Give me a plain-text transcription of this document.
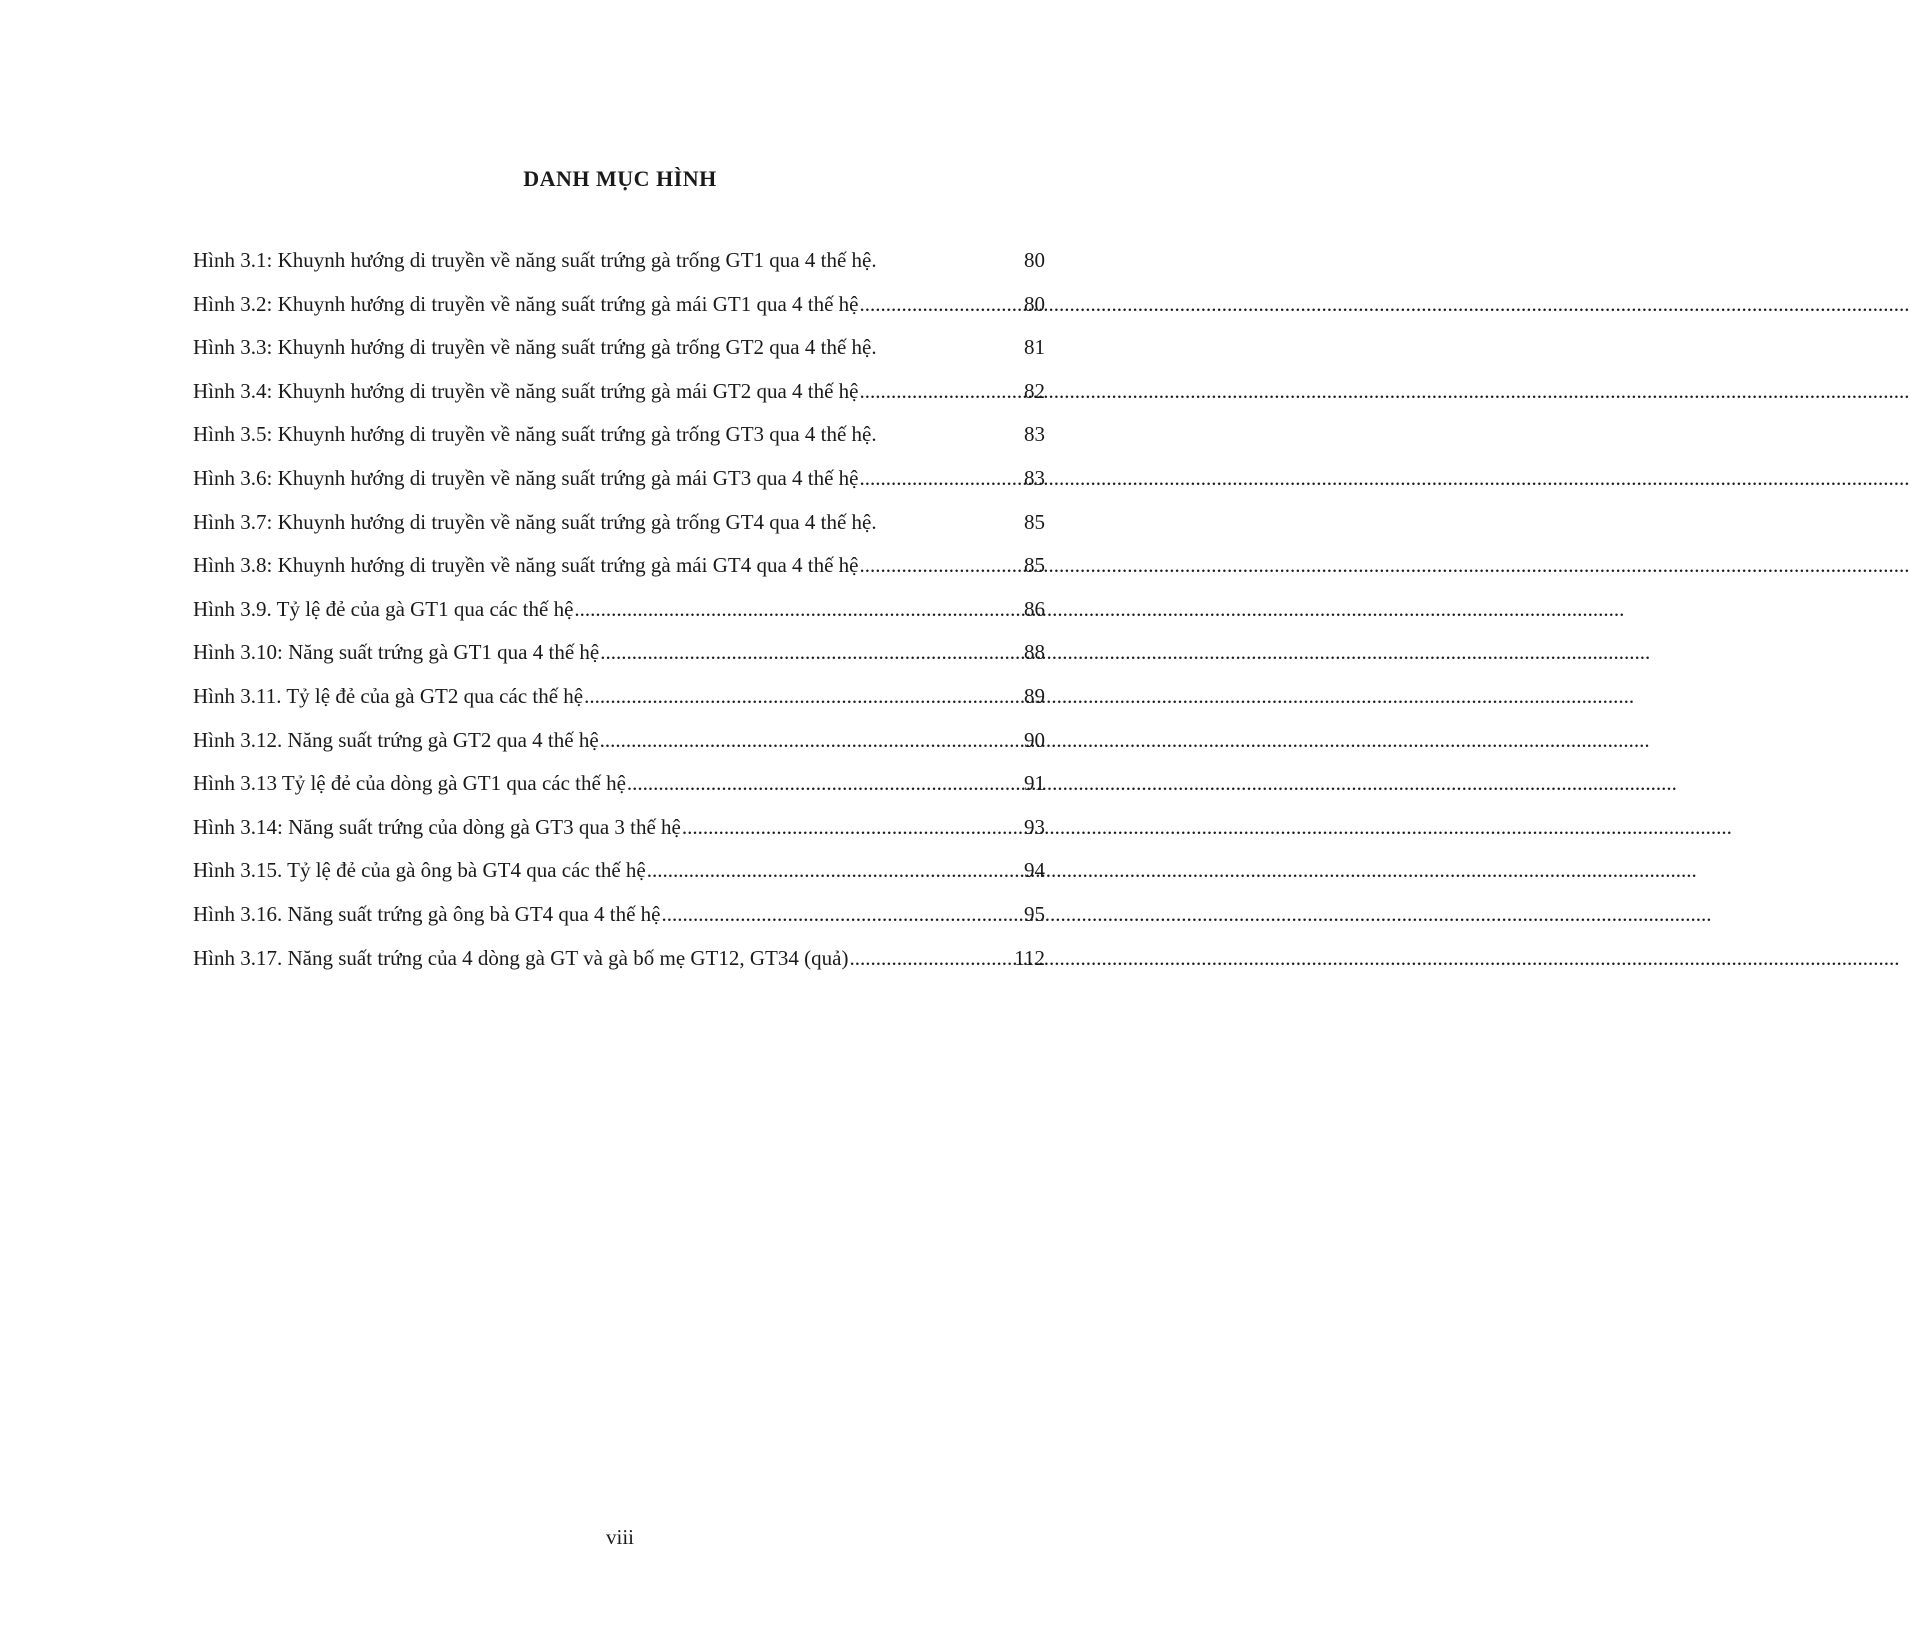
DANH MỤC HÌNH
Hình 3.1: Khuynh hướng di truyền về năng suất trứng gà trống GT1 qua 4 thế hệ.	80
Hình 3.2: Khuynh hướng di truyền về năng suất trứng gà mái GT1 qua 4 thế hệ .....	80
Hình 3.3: Khuynh hướng di truyền về năng suất trứng gà trống GT2 qua 4 thế hệ.	81
Hình 3.4: Khuynh hướng di truyền về năng suất trứng gà mái GT2 qua 4 thế hệ .....	82
Hình 3.5: Khuynh hướng di truyền về năng suất trứng gà trống GT3 qua 4 thế hệ.	83
Hình 3.6: Khuynh hướng di truyền về năng suất trứng gà mái GT3 qua 4 thế hệ .....	83
Hình 3.7: Khuynh hướng di truyền về năng suất trứng gà trống GT4 qua 4 thế hệ.	85
Hình 3.8: Khuynh hướng di truyền về năng suất trứng gà mái GT4 qua 4 thế hệ .....	85
Hình 3.9. Tỷ lệ đẻ của gà GT1 qua các thế hệ .....	86
Hình 3.10: Năng suất trứng gà GT1 qua 4 thế hệ .....	88
Hình 3.11. Tỷ lệ đẻ của gà GT2 qua các thế hệ .....	89
Hình 3.12. Năng suất trứng gà GT2 qua 4 thế hệ .....	90
Hình 3.13 Tỷ lệ đẻ của dòng gà GT1 qua các thế hệ .....	91
Hình 3.14: Năng suất trứng của dòng gà GT3 qua 3 thế hệ .....	93
Hình 3.15. Tỷ lệ đẻ của gà ông bà GT4 qua các thế hệ .....	94
Hình 3.16. Năng suất trứng gà ông bà GT4 qua 4 thế hệ .....	95
Hình 3.17. Năng suất trứng của 4 dòng gà GT và gà bố mẹ GT12, GT34 (quả) .....	112
viii
